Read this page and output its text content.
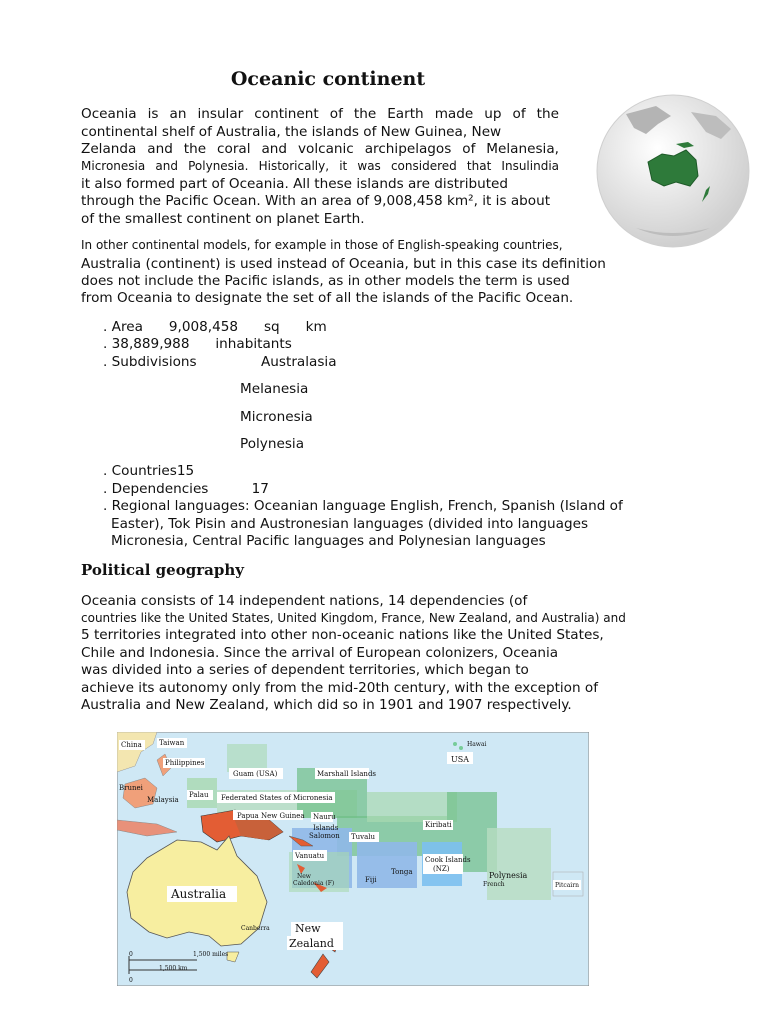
Oceanic continent
Oceania is an insular continent of the Earth made up of the
continental shelf of Australia, the islands of New Guinea, New
Zelanda and the coral and volcanic archipelagos of Melanesia,
Micronesia and Polynesia. Historically, it was considered that Insulindia
it also formed part of Oceania. All these islands are distributed
through the Pacific Ocean. With an area of 9,008,458 km², it is about
of the smallest continent on planet Earth.
In other continental models, for example in those of English-speaking countries,
Australia (continent) is used instead of Oceania, but in this case its definition
does not include the Pacific islands, as in other models the term is used
from Oceania to designate the set of all the islands of the Pacific Ocean.
. Area      9,008,458      sq      km
. 38,889,988      inhabitants
. Subdivisions	Australasia
Melanesia
Micronesia
Polynesia
. Countries15
. Dependencies          17
. Regional languages: Oceanian language English, French, Spanish (Island of
Easter), Tok Pisin and Austronesian languages (divided into languages
Micronesia, Central Pacific languages and Polynesian languages
Political geography
Oceania consists of 14 independent nations, 14 dependencies (of
countries like the United States, United Kingdom, France, New Zealand, and Australia) and
5 territories integrated into other non-oceanic nations like the United States,
Chile and Indonesia. Since the arrival of European colonizers, Oceania
was divided into a series of dependent territories, which began to
achieve its autonomy only from the mid-20th century, with the exception of
Australia and New Zealand, which did so in 1901 and 1907 respectively.
China Taiwan
Philippines
Brunei
Malaysia
Palau
Guam (USA)	Marshall Islands
Federated States of Micronesia
Papua New Guinea Nauru
Kiribati
Islands
Salomon Tuvalu
Vanuatu
New
Caledonia (F)	Fiji
Tonga
Cook Islands
(NZ)
Polynesia
French	Pitcairn
Hawai
USA
Australia
Canberra New
Zealand
0	1,500 miles
0
1,500 km
